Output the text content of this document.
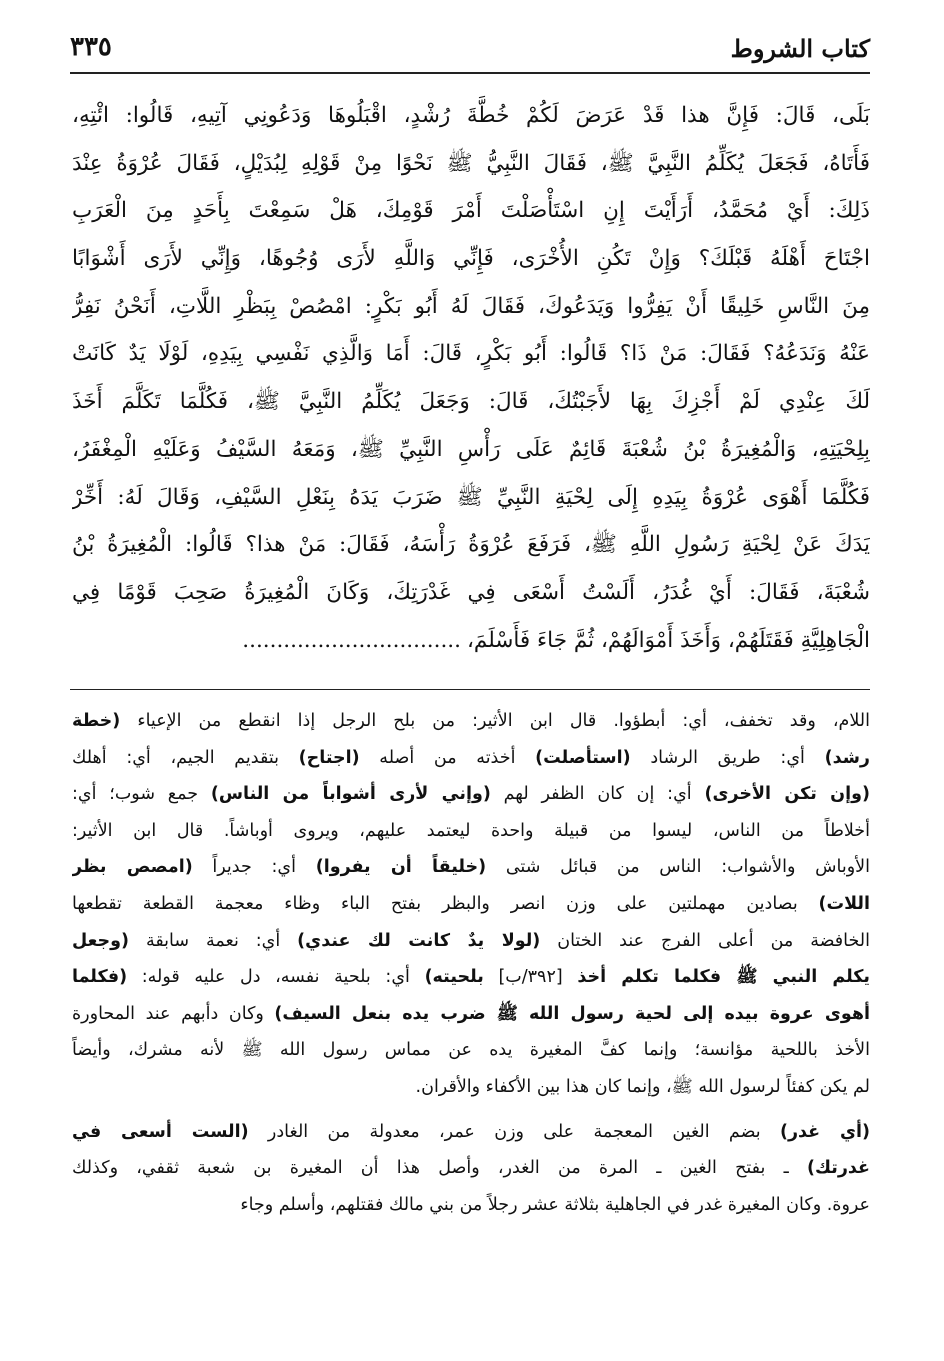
كتاب الشروط
٣٣٥
بَلَى، قَالَ: فَإِنَّ هذا قَدْ عَرَضَ لَكُمْ خُطَّةَ رُشْدٍ، اقْبَلُوهَا وَدَعُونِي آتِيهِ، قَالُوا: ائْتِهِ،
فَأَتَاهُ، فَجَعَلَ يُكَلِّمُ النَّبِيَّ ﷺ، فَقَالَ النَّبِيُّ ﷺ نَحْوًا مِنْ قَوْلِهِ لِبُدَيْلٍ، فَقَالَ عُرْوَةُ عِنْدَ
ذَلِكَ: أَيْ مُحَمَّدُ، أَرَأَيْتَ إِنِ اسْتَأْصَلْتَ أَمْرَ قَوْمِكَ، هَلْ سَمِعْتَ بِأَحَدٍ مِنَ الْعَرَبِ
اجْتَاحَ أَهْلَهُ قَبْلَكَ؟ وَإِنْ تَكُنِ الأُخْرَى، فَإِنِّي وَاللَّهِ لأَرَى وُجُوهًا، وَإِنِّي لأَرَى أَشْوَابًا
مِنَ النَّاسِ خَلِيقًا أَنْ يَفِرُّوا وَيَدَعُوكَ، فَقَالَ لَهُ أَبُو بَكْرٍ: امْصُصْ بِبَظْرِ اللَّاتِ، أَنَحْنُ نَفِرُّ
عَنْهُ وَنَدَعُهُ؟ فَقَالَ: مَنْ ذَا؟ قَالُوا: أَبُو بَكْرٍ، قَالَ: أَمَا وَالَّذِي نَفْسِي بِيَدِهِ، لَوْلَا يَدٌ كَانَتْ
لَكَ عِنْدِي لَمْ أَجْزِكَ بِهَا لأَجَبْتُكَ، قَالَ: وَجَعَلَ يُكَلِّمُ النَّبِيَّ ﷺ، فَكُلَّمَا تَكَلَّمَ أَخَذَ
بِلِحْيَتِهِ، وَالْمُغِيرَةُ بْنُ شُعْبَةَ قَائِمٌ عَلَى رَأْسِ النَّبِيِّ ﷺ، وَمَعَهُ السَّيْفُ وَعَلَيْهِ الْمِغْفَرُ،
فَكُلَّمَا أَهْوَى عُرْوَةُ بِيَدِهِ إِلَى لِحْيَةِ النَّبِيِّ ﷺ ضَرَبَ يَدَهُ بِنَعْلِ السَّيْفِ، وَقَالَ لَهُ: أَخِّرْ
يَدَكَ عَنْ لِحْيَةِ رَسُولِ اللَّهِ ﷺ، فَرَفَعَ عُرْوَةُ رَأْسَهُ، فَقَالَ: مَنْ هذا؟ قَالُوا: الْمُغِيرَةُ بْنُ
شُعْبَةَ، فَقَالَ: أَيْ غُدَرُ، أَلَسْتُ أَسْعَى فِي غَدْرَتِكَ، وَكَانَ الْمُغِيرَةُ صَحِبَ قَوْمًا فِي
الْجَاهِلِيَّةِ فَقَتَلَهُمْ، وَأَخَذَ أَمْوَالَهُمْ، ثُمَّ جَاءَ فَأَسْلَمَ،................................
اللام، وقد تخفف، أي: أبطؤوا. قال ابن الأثير: من بلح الرجل إذا انقطع من الإعياء (خطة
رشد) أي: طريق الرشاد (استأصلت) أخذته من أصله (اجتاح) بتقديم الجيم، أي: أهلك
(وإن تكن الأخرى) أي: إن كان الظفر لهم (وإني لأرى أشواباً من الناس) جمع شوب؛ أي:
أخلاطاً من الناس، ليسوا من قبيلة واحدة ليعتمد عليهم، ويروى أوباشاً. قال ابن الأثير:
الأوباش والأشواب: الناس من قبائل شتى (خليقاً أن يفروا) أي: جديراً (امصص بظر
اللات) بصادين مهملتين على وزن انصر والبظر بفتح الباء وظاء معجمة القطعة تقطعها
الخافضة من أعلى الفرج عند الختان (لولا يدٌ كانت لك عندي) أي: نعمة سابقة (وجعل
يكلم النبي ﷺ فكلما تكلم أخذ [٣٩٢/ب] بلحيته) أي: بلحية نفسه، دل عليه قوله: (فكلما
أهوى عروة بيده إلى لحية رسول الله ﷺ ضرب يده بنعل السيف) وكان دأبهم عند المحاورة
الأخذ باللحية مؤانسة؛ وإنما كفَّ المغيرة يده عن مماس رسول الله ﷺ لأنه مشرك، وأيضاً
لم يكن كفئاً لرسول الله ﷺ، وإنما كان هذا بين الأكفاء والأقران.
(أي غدر) بضم الغين المعجمة على وزن عمر، معدولة من الغادر (الست أسعى في
غدرتك) ـ بفتح الغين ـ المرة من الغدر، وأصل هذا أن المغيرة بن شعبة ثقفي، وكذلك
عروة. وكان المغيرة غدر في الجاهلية بثلاثة عشر رجلاً من بني مالك فقتلهم، وأسلم وجاء
